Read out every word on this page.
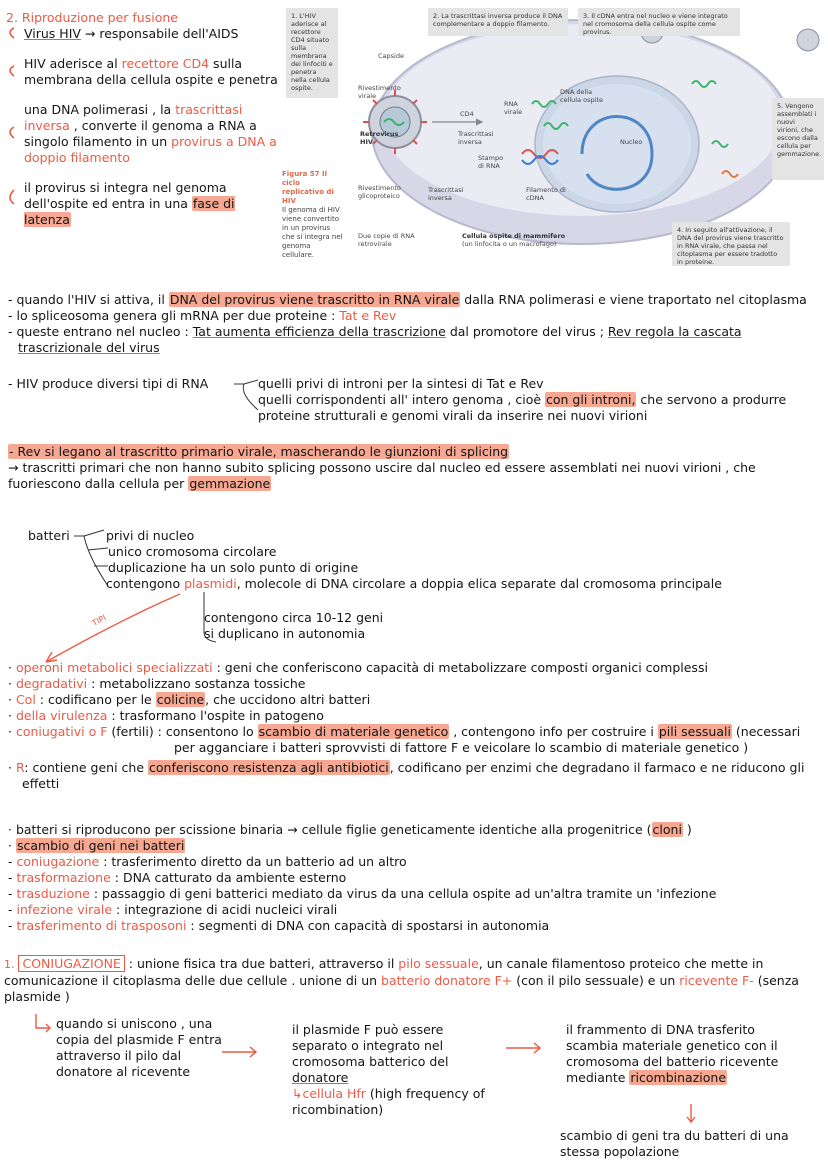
2. Riproduzione per fusione
Virus HIV → responsabile dell'AIDS
HIV aderisce al recettore CD4 sulla membrana della cellula ospite e penetra
una DNA polimerasi , la trascrittasi inversa , converte il genoma a RNA a singolo filamento in un provirus a DNA a doppio filamento
il provirus si integra nel genoma dell'ospite ed entra in una fase di latenza
1. L'HIV aderisce al recettore CD4 situato sulla membrana dei linfociti e penetra nella cellula ospite.
2. La trascrittasi inversa produce il DNA complementare a doppio filamento.
3. Il cDNA entra nel nucleo e viene integrato nel cromosoma della cellula ospite come provirus.
5. Vengono assemblati i nuovi virioni, che escono dalla cellula per gemmazione.
4. In seguito all'attivazione, il DNA del provirus viene trascritto in RNA virale, che passa nel citoplasma per essere tradotto in proteine.
Figura 57 Il ciclo replicativo di HIV
Il genoma di HIV viene convertito in un provirus che si integra nel genoma cellulare.
Capside
Rivestimento virale
Retrovirus HIV
Rivestimento glicoproteico
Due copie di RNA retrovirale
CD4
RNA virale
Trascrittasi inversa
Trascrittasi inversa
Stampo di RNA
Filamento di cDNA
DNA della cellula ospite
Nucleo
Cellula ospite di mammifero
(un linfocita o un macrofago)
- quando l'HIV si attiva, il DNA del provirus viene trascritto in RNA virale dalla RNA polimerasi e viene traportato nel citoplasma
- lo spliceosoma genera gli mRNA per due proteine : Tat e Rev
- queste entrano nel nucleo : Tat aumenta efficienza della trascrizione dal promotore del virus ; Rev regola la cascata trascrizionale del virus
- HIV produce diversi tipi di RNA	quelli privi di introni per la sintesi di Tat e Rev
quelli corrispondenti all' intero genoma , cioè con gli introni, che servono a produrre proteine strutturali e genomi virali da inserire nei nuovi virioni
- Rev si legano al trascritto primario virale, mascherando le giunzioni di splicing
→ trascritti primari che non hanno subito splicing possono uscire dal nucleo ed essere assemblati nei nuovi virioni , che fuoriescono dalla cellula per gemmazione
batteri	privi di nucleo
unico cromosoma circolare
duplicazione ha un solo punto di origine
contengono plasmidi, molecole di DNA circolare a doppia elica separate dal cromosoma principale
TIPI	contengono circa 10-12 geni
si duplicano in autonomia
· operoni metabolici specializzati : geni che conferiscono capacità di metabolizzare composti organici complessi
· degradativi : metabolizzano sostanza tossiche
· Col : codificano per le colicine, che uccidono altri batteri
· della virulenza : trasformano l'ospite in patogeno
· coniugativi o F (fertili) : consentono lo scambio di materiale genetico , contengono info per costruire i pili sessuali (necessari per agganciare i batteri sprovvisti di fattore F e veicolare lo scambio di materiale genetico )
· R: contiene geni che conferiscono resistenza agli antibiotici, codificano per enzimi che degradano il farmaco e ne riducono gli effetti
· batteri si riproducono per scissione binaria → cellule figlie geneticamente identiche alla progenitrice (cloni )
· scambio di geni nei batteri
- coniugazione : trasferimento diretto da un batterio ad un altro
- trasformazione : DNA catturato da ambiente esterno
- trasduzione : passaggio di geni batterici mediato da virus da una cellula ospite ad un'altra tramite un 'infezione
- infezione virale : integrazione di acidi nucleici virali
- trasferimento di trasposoni : segmenti di DNA con capacità di spostarsi in autonomia
1. CONIUGAZIONE : unione fisica tra due batteri, attraverso il pilo sessuale, un canale filamentoso proteico che mette in comunicazione il citoplasma delle due cellule . unione di un batterio donatore F+ (con il pilo sessuale) e un ricevente F- (senza plasmide )
quando si uniscono , una copia del plasmide F entra attraverso il pilo dal donatore al ricevente
il plasmide F può essere separato o integrato nel cromosoma batterico del donatore
↳cellula Hfr (high frequency of ricombination)
il frammento di DNA trasferito scambia materiale genetico con il cromosoma del batterio ricevente mediante ricombinazione
scambio di geni tra du batteri di una stessa popolazione
